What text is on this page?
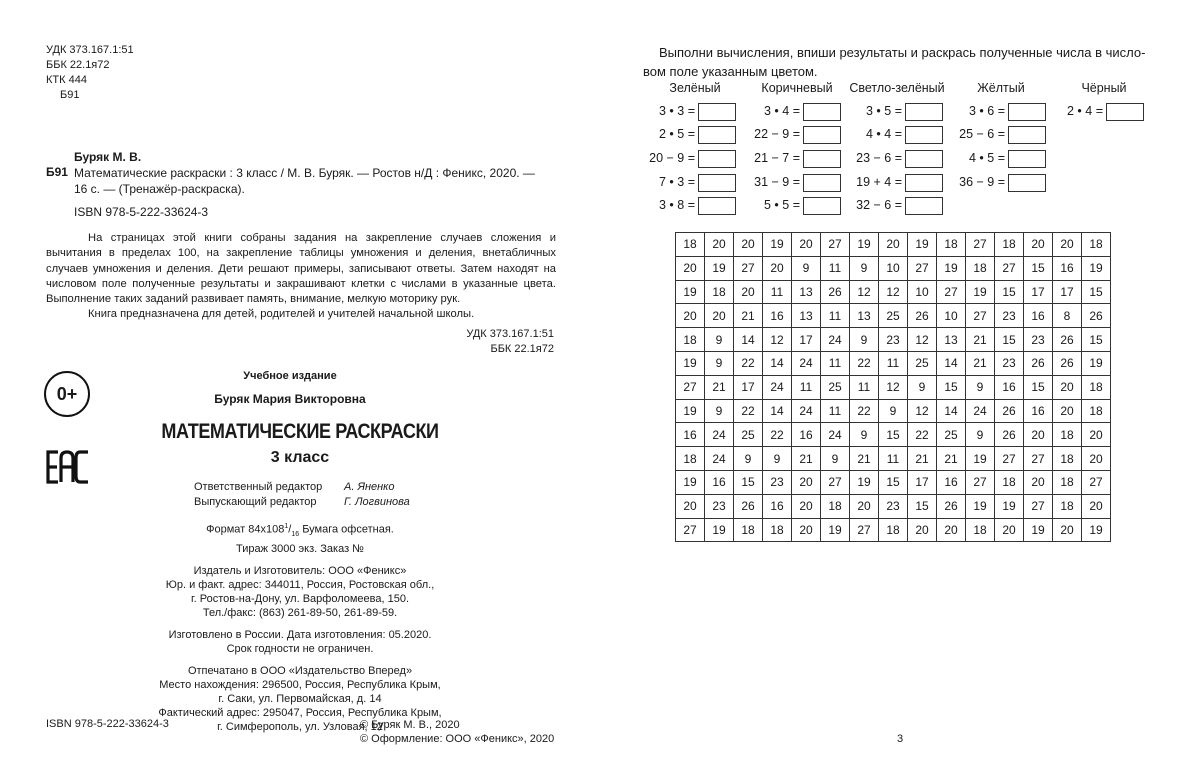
УДК 373.167.1:51
ББК 22.1я72
КТК 444
Б91
Буряк М. В.
Б91 Математические раскраски : 3 класс / М. В. Буряк. — Ростов н/Д : Феникс, 2020. —
16 с. — (Тренажёр-раскраска).
ISBN 978-5-222-33624-3

На страницах этой книги собраны задания на закрепление случаев сложения и вычитания в пределах 100, на закрепление таблицы умножения и деления, внетабличных случаев умножения и деления. Дети решают примеры, записывают ответы. Затем находят на числовом поле полученные результаты и закрашивают клетки с числами в указанные цвета. Выполнение таких заданий развивает память, внимание, мелкую моторику рук.

Книга предназначена для детей, родителей и учителей начальной школы.

УДК 373.167.1:51
ББК 22.1я72
0+
Учебное издание
Буряк Мария Викторовна
МАТЕМАТИЧЕСКИЕ РАСКРАСКИ
3 класс
Ответственный редактор	А. Яненко
Выпускающий редактор	Г. Логвинова
Формат $84х108^1/_{16}$ Бумага офсетная.
Тираж 3000 экз. Заказ №
Издатель и Изготовитель: ООО «Феникс»
Юр. и факт. адрес: 344011, Россия, Ростовская обл.,
г. Ростов-на-Дону, ул. Варфоломеева, 150.
Тел./факс: (863) 261-89-50, 261-89-59.
Изготовлено в России. Дата изготовления: 05.2020.
Срок годности не ограничен.
Отпечатано в ООО «Издательство Вперед»
Место нахождения: 296500, Россия, Республика Крым,
г. Саки, ул. Первомайская, д. 14
Фактический адрес: 295047, Россия, Республика Крым,
г. Симферополь, ул. Узловая, 12
ISBN 978-5-222-33624-3	© Буряк М. В., 2020
© Оформление: ООО «Феникс», 2020

Выполни вычисления, впиши результаты и раскрась полученные числа в число-

вом поле указанным цветом.
Зелёный
3 • 3 =
2 • 5 =
20 − 9 =
7 • 3 =
3 • 8 =
Коричневый
3 • 4 =
22 − 9 =
21 − 7 =
31 − 9 =
5 • 5 =
Светло-зелёный
3 • 5 =
4 • 4 =
23 − 6 =
19 + 4 =
32 − 6 =
Жёлтый
3 • 6 =
25 − 6 =
4 • 5 =
36 − 9 =
Чёрный
2 • 4 =
18	20	20	19	20	27	19	20	19	18	27	18	20	20	18
20	19	27	20	9	11	9	10	27	19	18	27	15	16	19
19	18	20	11	13	26	12	12	10	27	19	15	17	17	15
20	20	21	16	13	11	13	25	26	10	27	23	16	8	26
18	9	14	12	17	24	9	23	12	13	21	15	23	26	15
19	9	22	14	24	11	22	11	25	14	21	23	26	26	19
27	21	17	24	11	25	11	12	9	15	9	16	15	20	18
19	9	22	14	24	11	22	9	12	14	24	26	16	20	18
16	24	25	22	16	24	9	15	22	25	9	26	20	18	20
18	24	9	9	21	9	21	11	21	21	19	27	27	18	20
19	16	15	23	20	27	19	15	17	16	27	18	20	18	27
20	23	26	16	20	18	20	23	15	26	19	19	27	18	20
27	19	18	18	20	19	27	18	20	20	18	20	19	20	19
3
